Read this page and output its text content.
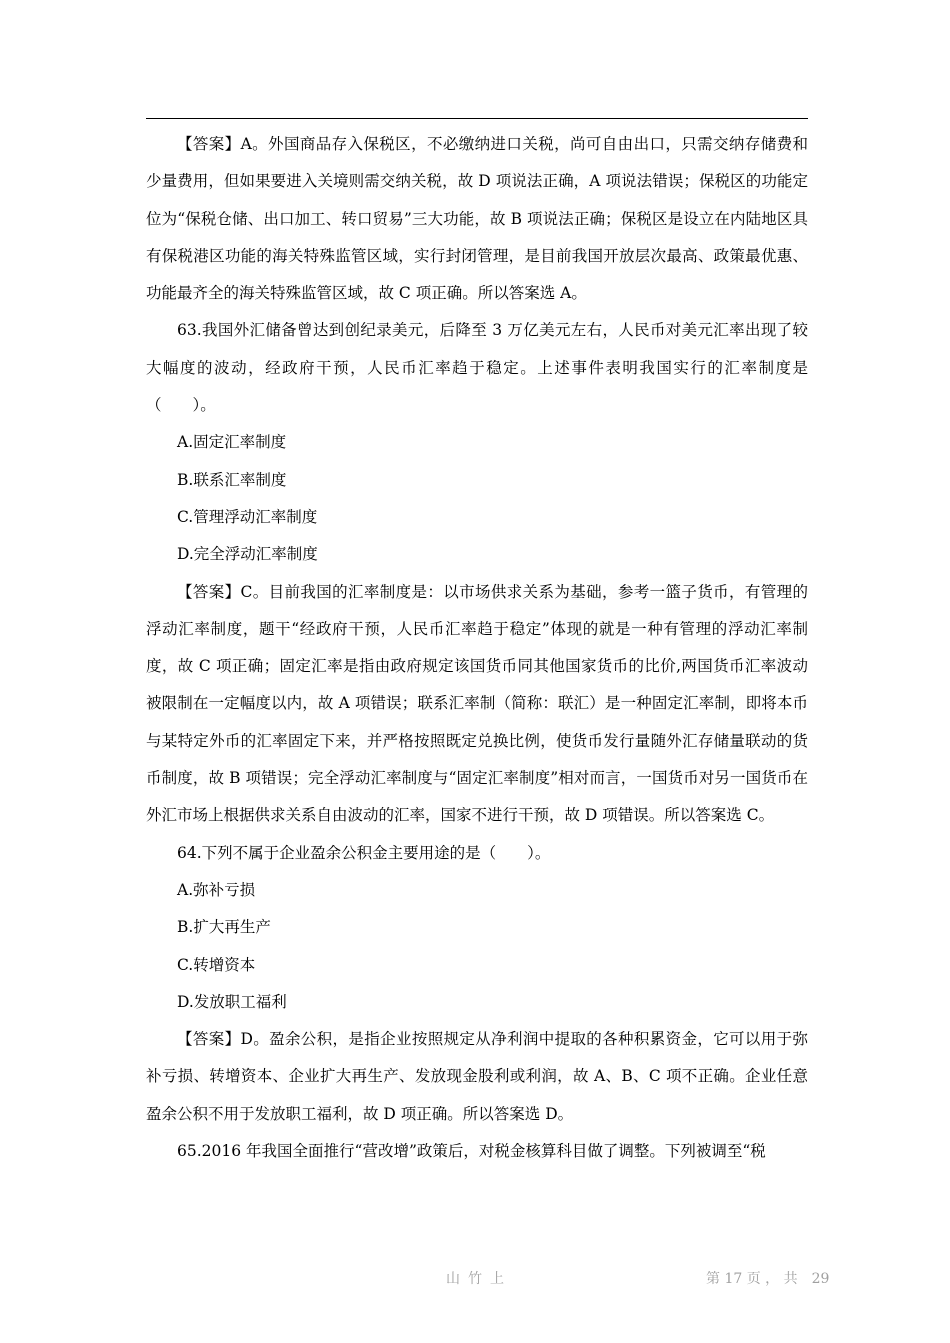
【答案】A。外国商品存入保税区，不必缴纳进口关税，尚可自由出口，只需交纳存储费和少量费用，但如果要进入关境则需交纳关税，故 D 项说法正确，A 项说法错误；保税区的功能定位为“保税仓储、出口加工、转口贸易”三大功能，故 B 项说法正确；保税区是设立在内陆地区具有保税港区功能的海关特殊监管区域，实行封闭管理，是目前我国开放层次最高、政策最优惠、功能最齐全的海关特殊监管区域，故 C 项正确。所以答案选 A。

63.我国外汇储备曾达到创纪录美元，后降至 3 万亿美元左右，人民币对美元汇率出现了较大幅度的波动，经政府干预，人民币汇率趋于稳定。上述事件表明我国实行的汇率制度是（　　）。

A.固定汇率制度

B.联系汇率制度

C.管理浮动汇率制度

D.完全浮动汇率制度

【答案】C。目前我国的汇率制度是：以市场供求关系为基础，参考一篮子货币，有管理的浮动汇率制度，题干“经政府干预，人民币汇率趋于稳定”体现的就是一种有管理的浮动汇率制度，故 C 项正确；固定汇率是指由政府规定该国货币同其他国家货币的比价,两国货币汇率波动被限制在一定幅度以内，故 A 项错误；联系汇率制（简称：联汇）是一种固定汇率制，即将本币与某特定外币的汇率固定下来，并严格按照既定兑换比例，使货币发行量随外汇存储量联动的货币制度，故 B 项错误；完全浮动汇率制度与“固定汇率制度”相对而言，一国货币对另一国货币在外汇市场上根据供求关系自由波动的汇率，国家不进行干预，故 D 项错误。所以答案选 C。

64.下列不属于企业盈余公积金主要用途的是（　　）。

A.弥补亏损

B.扩大再生产

C.转增资本

D.发放职工福利

【答案】D。盈余公积，是指企业按照规定从净利润中提取的各种积累资金，它可以用于弥补亏损、转增资本、企业扩大再生产、发放现金股利或利润，故 A、B、C 项不正确。企业任意盈余公积不用于发放职工福利，故 D 项正确。所以答案选 D。

65.2016 年我国全面推行“营改增”政策后，对税金核算科目做了调整。下列被调至“税

山竹上	第 17 页 ， 共　29
